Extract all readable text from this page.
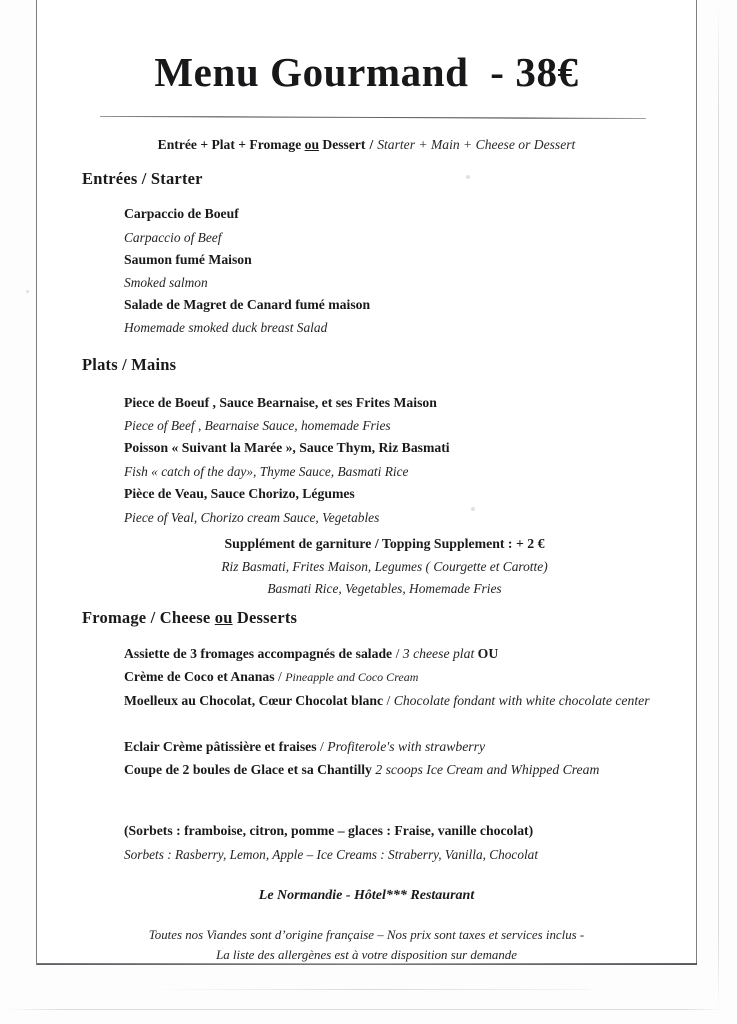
Menu Gourmand  - 38€
Entrée + Plat + Fromage ou Dessert / Starter + Main + Cheese or Dessert
Entrées / Starter
Carpaccio de Boeuf
Carpaccio of Beef
Saumon fumé Maison
Smoked salmon
Salade de Magret de Canard fumé maison
Homemade smoked duck breast Salad
Plats / Mains
Piece de Boeuf , Sauce Bearnaise, et ses Frites Maison
Piece of Beef , Bearnaise Sauce, homemade Fries
Poisson « Suivant la Marée », Sauce Thym, Riz Basmati
Fish « catch of the day», Thyme Sauce, Basmati Rice
Pièce de Veau, Sauce Chorizo, Légumes
Piece of Veal, Chorizo cream Sauce, Vegetables
Supplément de garniture / Topping Supplement : + 2 €
Riz Basmati, Frites Maison, Legumes ( Courgette et Carotte)
Basmati Rice, Vegetables, Homemade Fries
Fromage / Cheese ou Desserts
Assiette de 3 fromages accompagnés de salade / 3 cheese plat OU
Crème de Coco et Ananas / Pineapple and Coco Cream
Moelleux au Chocolat, Cœur Chocolat blanc / Chocolate fondant with white chocolate center
Eclair Crème pâtissière et fraises / Profiterole's with strawberry
Coupe de 2 boules de Glace et sa Chantilly 2 scoops Ice Cream and Whipped Cream
(Sorbets : framboise, citron, pomme – glaces : Fraise, vanille chocolat)
Sorbets : Rasberry, Lemon, Apple – Ice Creams : Straberry, Vanilla, Chocolat
Le Normandie - Hôtel*** Restaurant
Toutes nos Viandes sont d’origine française – Nos prix sont taxes et services inclus -
La liste des allergènes est à votre disposition sur demande
